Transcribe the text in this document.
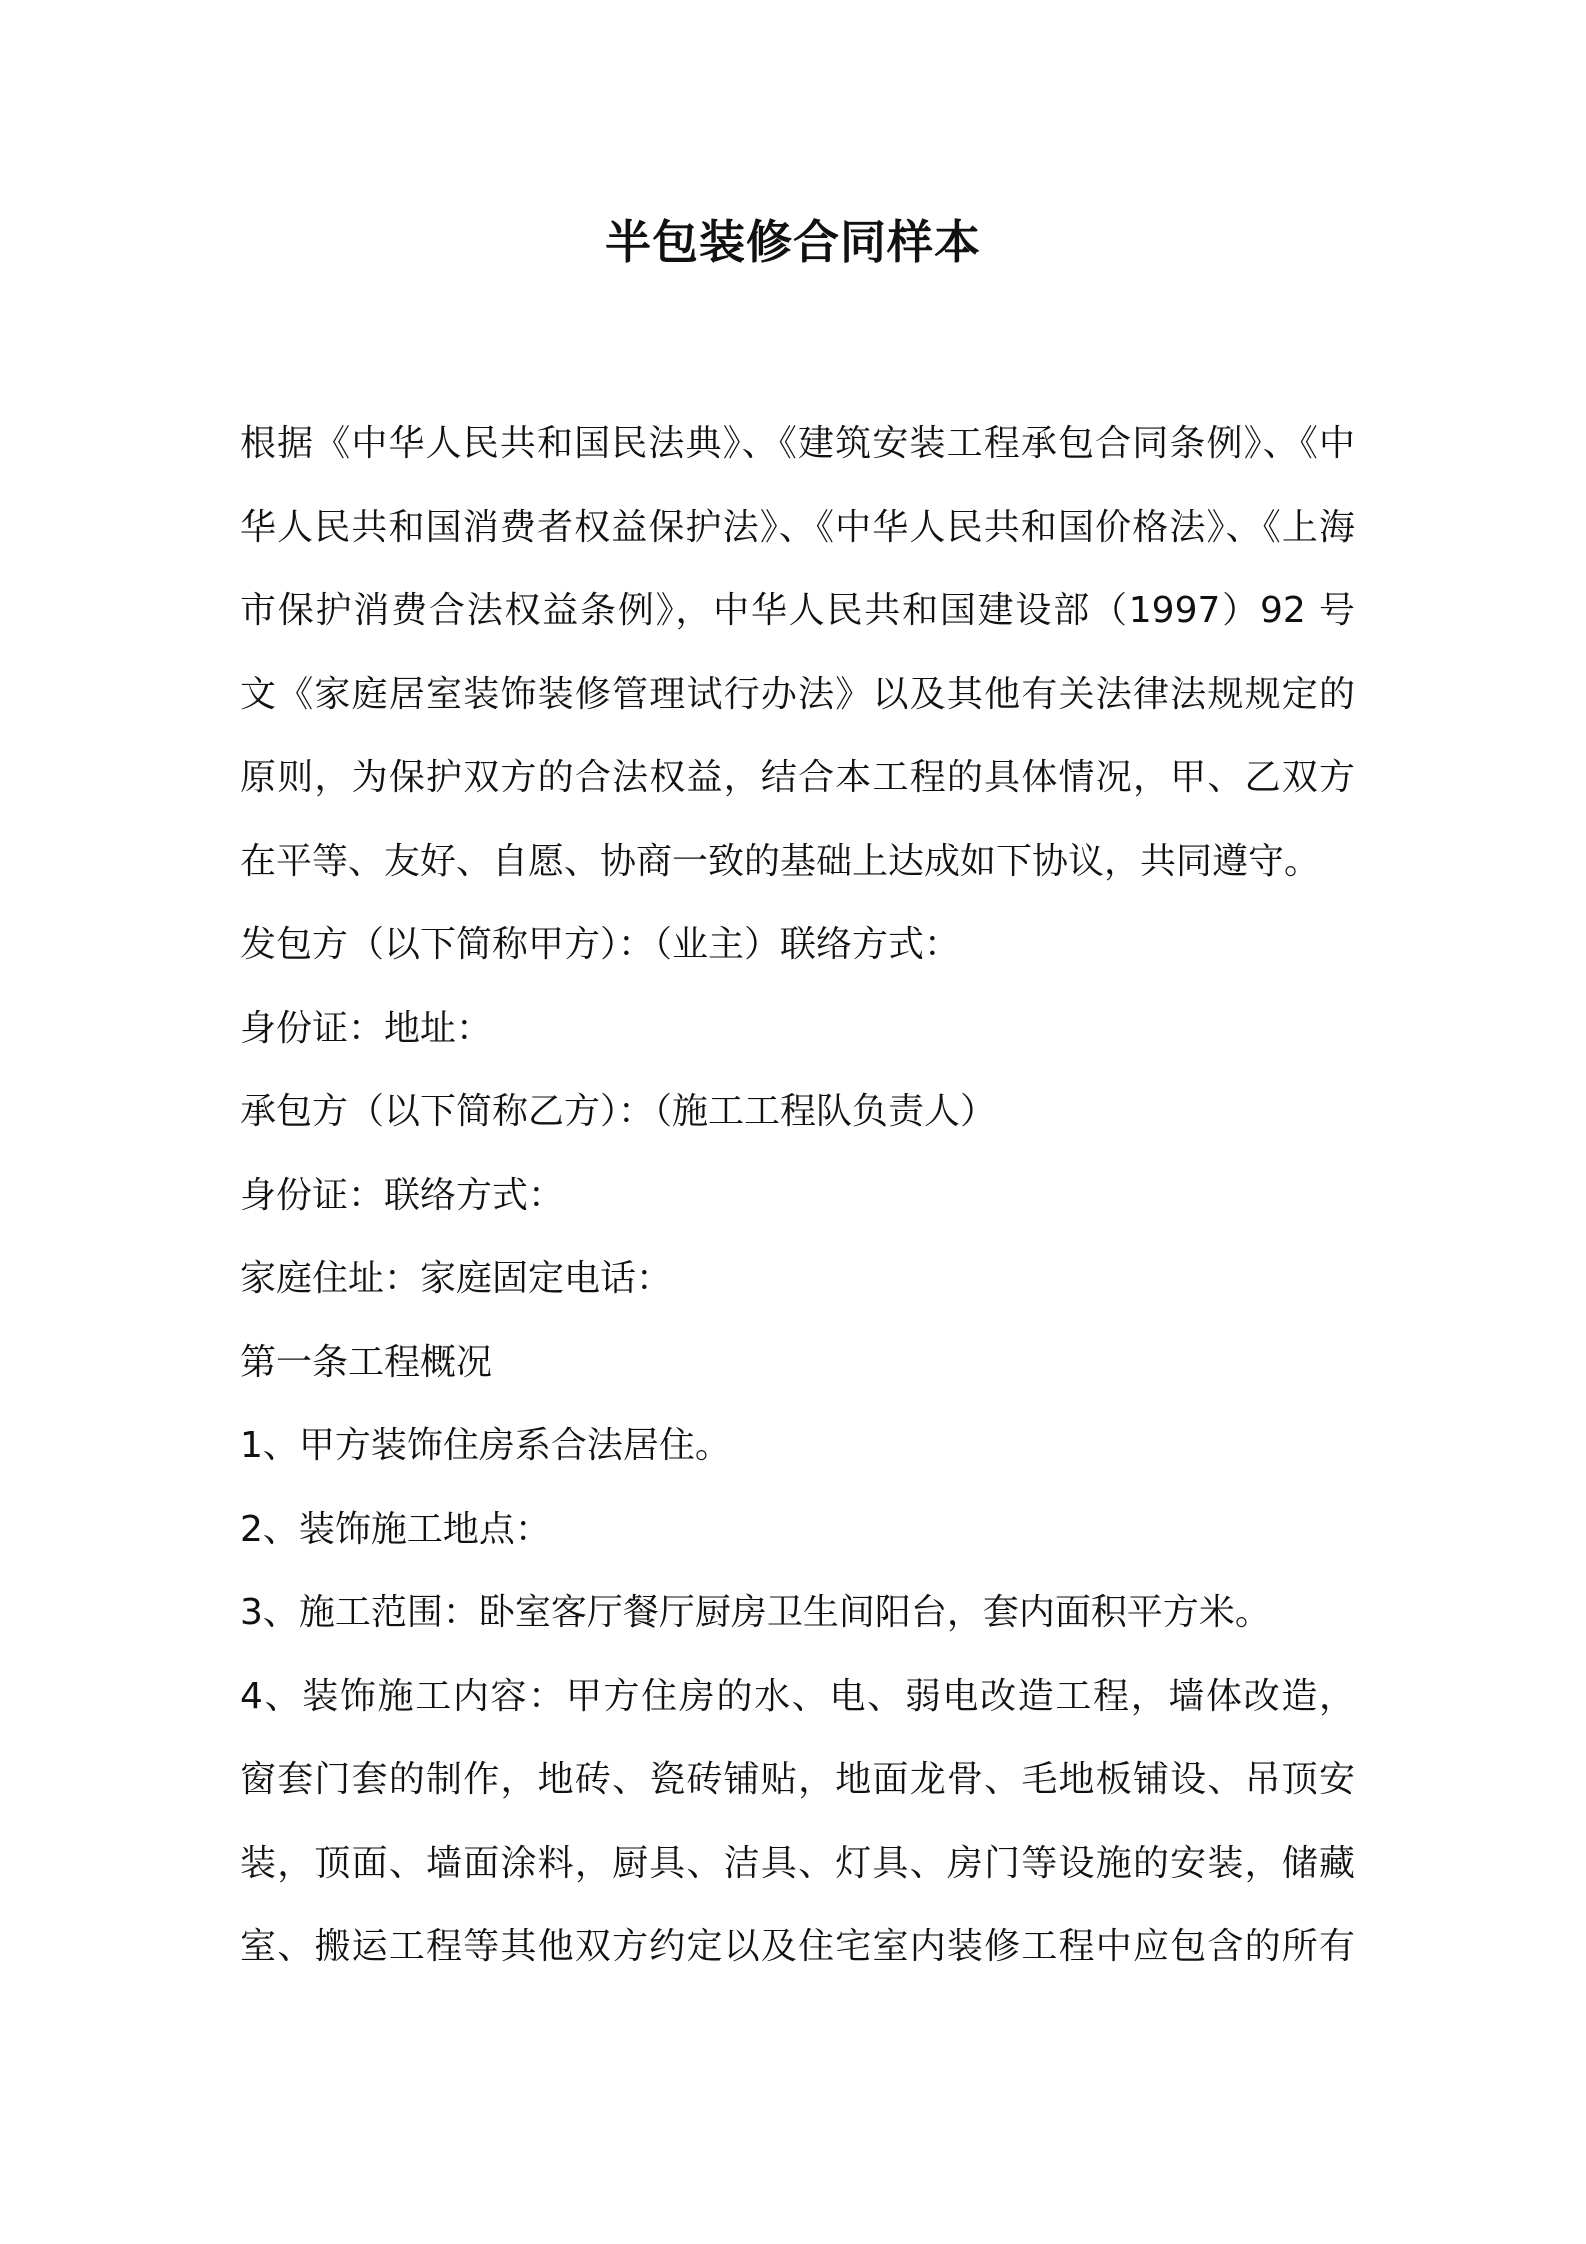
半包装修合同样本
根据《中华人民共和国民法典》、《建筑安装工程承包合同条例》、《中
华人民共和国消费者权益保护法》、《中华人民共和国价格法》、《上海
市保护消费合法权益条例》，中华人民共和国建设部（1997）92 号
文《家庭居室装饰装修管理试行办法》以及其他有关法律法规规定的
原则，为保护双方的合法权益，结合本工程的具体情况，甲、乙双方
在平等、友好、自愿、协商一致的基础上达成如下协议，共同遵守。
发包方（以下简称甲方）：（业主）联络方式：
身份证：地址：
承包方（以下简称乙方）：（施工工程队负责人）
身份证：联络方式：
家庭住址：家庭固定电话：
第一条工程概况
1、甲方装饰住房系合法居住。
2、装饰施工地点：
3、施工范围：卧室客厅餐厅厨房卫生间阳台，套内面积平方米。
4、装饰施工内容：甲方住房的水、电、弱电改造工程，墙体改造，
窗套门套的制作，地砖、瓷砖铺贴，地面龙骨、毛地板铺设、吊顶安
装，顶面、墙面涂料，厨具、洁具、灯具、房门等设施的安装，储藏
室、搬运工程等其他双方约定以及住宅室内装修工程中应包含的所有
